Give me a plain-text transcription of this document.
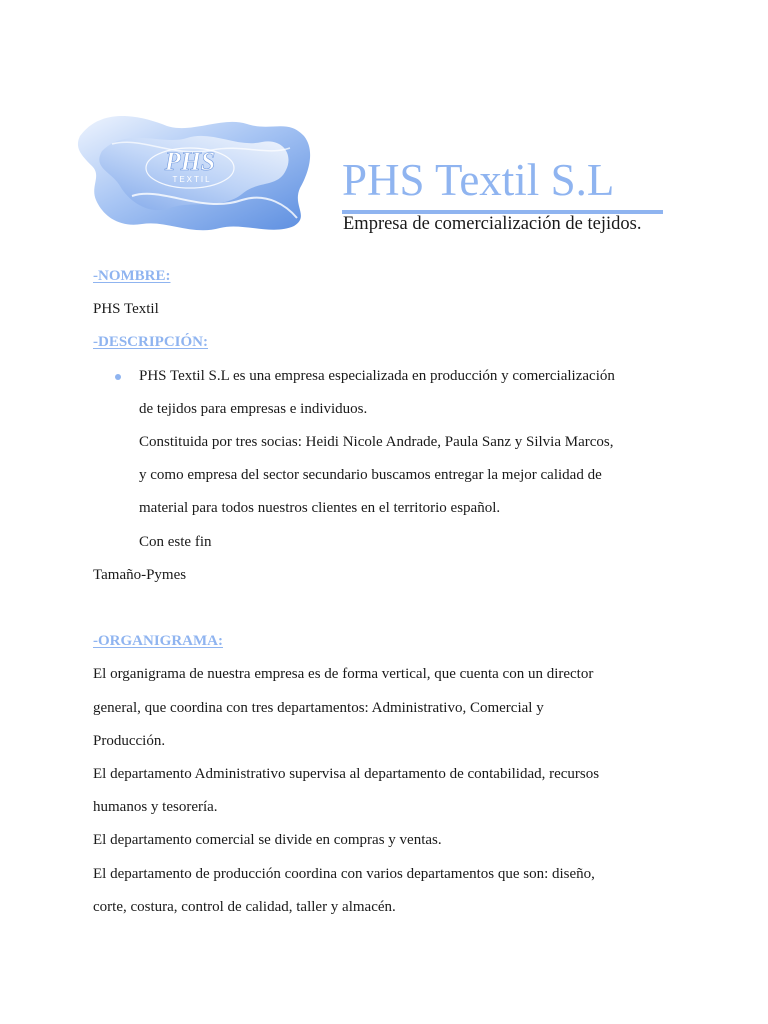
PHS
TEXTIL	PHS Textil S.L

Empresa de comercialización de tejidos.

-NOMBRE:

PHS Textil

-DESCRIPCIÓN:

PHS Textil S.L es una empresa especializada en producción y comercialización

de tejidos para empresas e individuos.

Constituida por tres socias: Heidi Nicole Andrade, Paula Sanz y Silvia Marcos,

y como empresa del sector secundario buscamos entregar la mejor calidad de

material para todos nuestros clientes en el territorio español.

Con este fin

Tamaño-Pymes

-ORGANIGRAMA:

El organigrama de nuestra empresa es de forma vertical, que cuenta con un director

general, que coordina con tres departamentos: Administrativo, Comercial y

Producción.

El departamento Administrativo supervisa al departamento de contabilidad, recursos

humanos y tesorería.

El departamento comercial se divide en compras y ventas.

El departamento de producción coordina con varios departamentos que son: diseño,

corte, costura, control de calidad, taller y almacén.
